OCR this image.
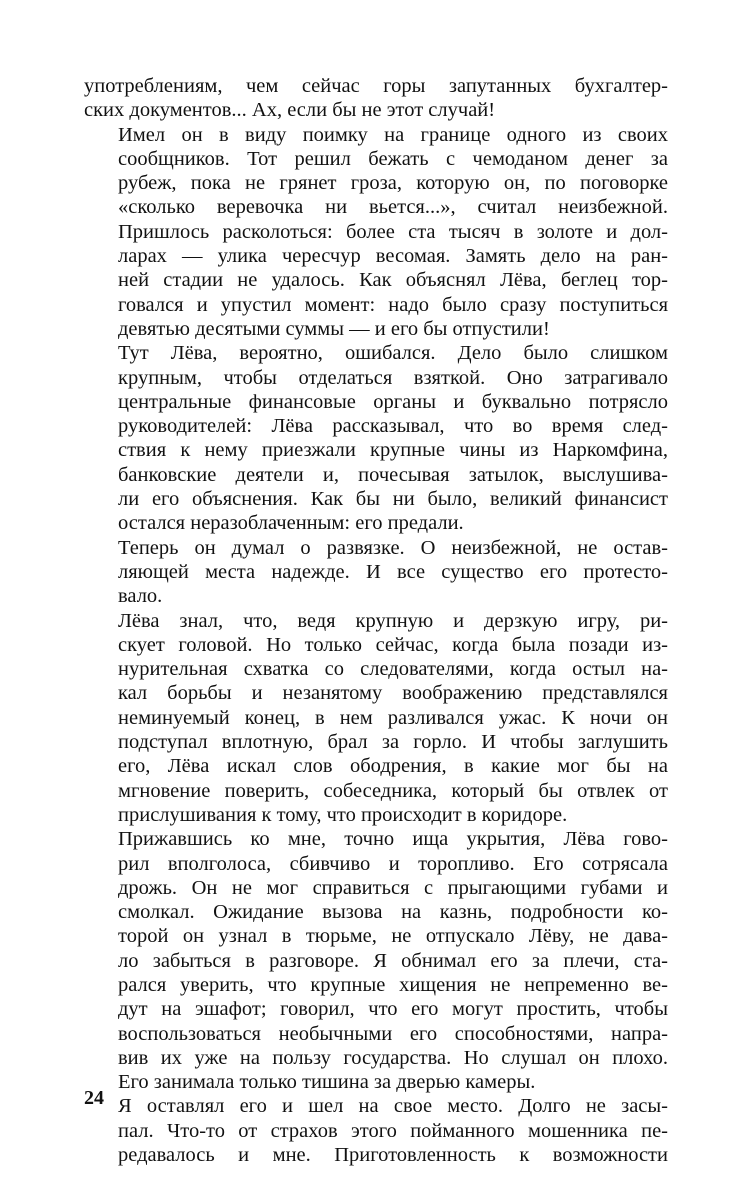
употреблениям, чем сейчас горы запутанных бухгалтер-
ских документов... Ах, если бы не этот случай!

Имел он в виду поимку на границе одного из своих
сообщников. Тот решил бежать с чемоданом денег за
рубеж, пока не грянет гроза, которую он, по поговорке
«сколько веревочка ни вьется...», считал неизбежной.
Пришлось расколоться: более ста тысяч в золоте и дол-
ларах — улика чересчур весомая. Замять дело на ран-
ней стадии не удалось. Как объяснял Лёва, беглец тор-
говался и упустил момент: надо было сразу поступиться
девятью десятыми суммы — и его бы отпустили!

Тут Лёва, вероятно, ошибался. Дело было слишком
крупным, чтобы отделаться взяткой. Оно затрагивало
центральные финансовые органы и буквально потрясло
руководителей: Лёва рассказывал, что во время след-
ствия к нему приезжали крупные чины из Наркомфина,
банковские деятели и, почесывая затылок, выслушива-
ли его объяснения. Как бы ни было, великий финансист
остался неразоблаченным: его предали.

Теперь он думал о развязке. О неизбежной, не остав-
ляющей места надежде. И все существо его протесто-
вало.

Лёва знал, что, ведя крупную и дерзкую игру, ри-
скует головой. Но только сейчас, когда была позади из-
нурительная схватка со следователями, когда остыл на-
кал борьбы и незанятому воображению представлялся
неминуемый конец, в нем разливался ужас. К ночи он
подступал вплотную, брал за горло. И чтобы заглушить
его, Лёва искал слов ободрения, в какие мог бы на
мгновение поверить, собеседника, который бы отвлек от
прислушивания к тому, что происходит в коридоре.

Прижавшись ко мне, точно ища укрытия, Лёва гово-
рил вполголоса, сбивчиво и торопливо. Его сотрясала
дрожь. Он не мог справиться с прыгающими губами и
смолкал. Ожидание вызова на казнь, подробности ко-
торой он узнал в тюрьме, не отпускало Лёву, не дава-
ло забыться в разговоре. Я обнимал его за плечи, ста-
рался уверить, что крупные хищения не непременно ве-
дут на эшафот; говорил, что его могут простить, чтобы
воспользоваться необычными его способностями, напра-
вив их уже на пользу государства. Но слушал он плохо.
Его занимала только тишина за дверью камеры.

Я оставлял его и шел на свое место. Долго не засы-
пал. Что-то от страхов этого пойманного мошенника пе-
редавалось и мне. Приготовленность к возможности

24
